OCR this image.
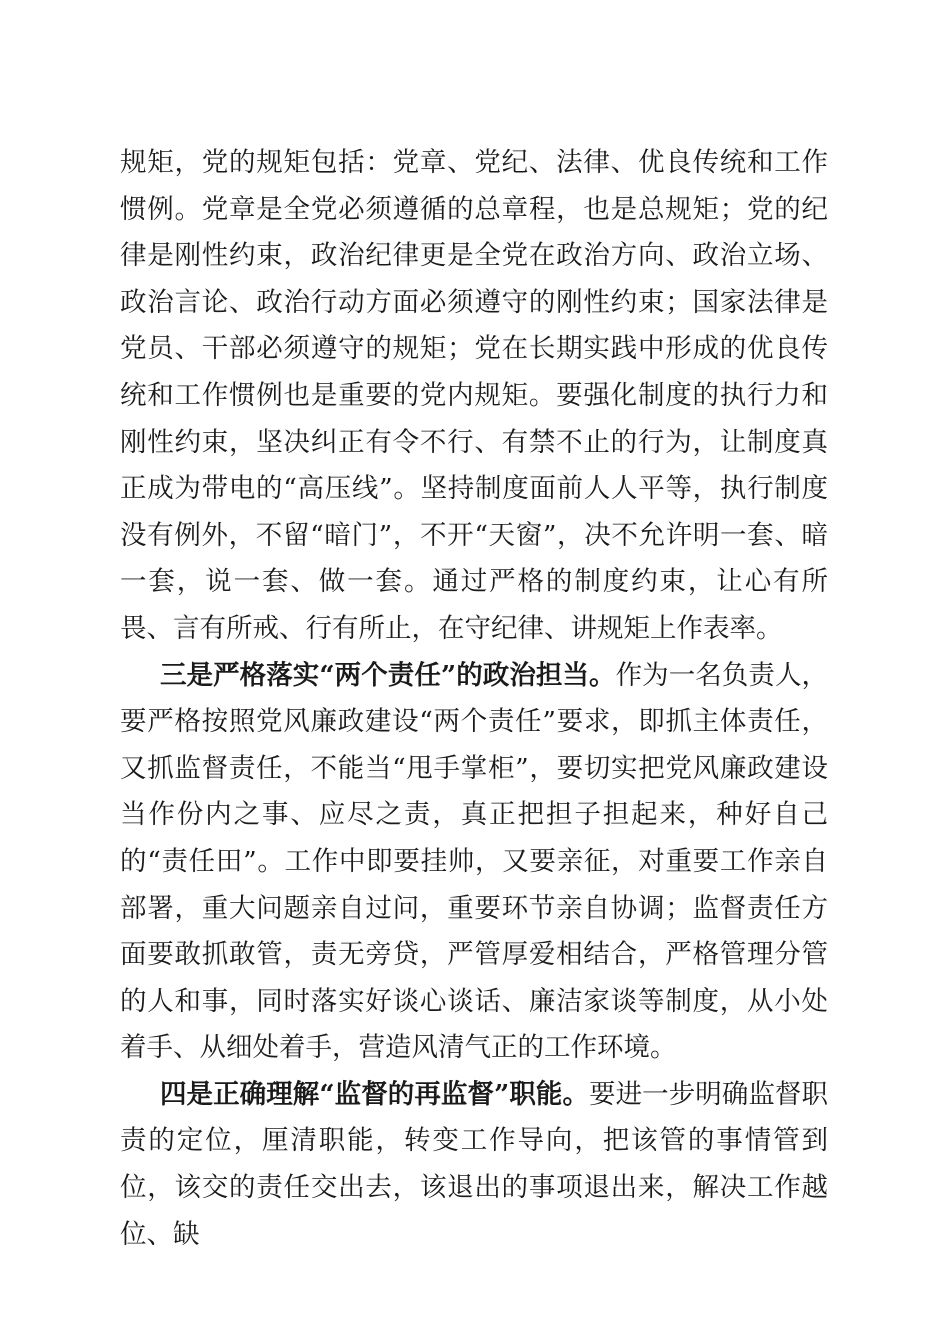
规矩，党的规矩包括：党章、党纪、法律、优良传统和工作惯例。党章是全党必须遵循的总章程，也是总规矩；党的纪律是刚性约束，政治纪律更是全党在政治方向、政治立场、政治言论、政治行动方面必须遵守的刚性约束；国家法律是党员、干部必须遵守的规矩；党在长期实践中形成的优良传统和工作惯例也是重要的党内规矩。要强化制度的执行力和刚性约束，坚决纠正有令不行、有禁不止的行为，让制度真正成为带电的“高压线”。坚持制度面前人人平等，执行制度没有例外，不留“暗门”，不开“天窗”，决不允许明一套、暗一套，说一套、做一套。通过严格的制度约束，让心有所畏、言有所戒、行有所止，在守纪律、讲规矩上作表率。

三是严格落实“两个责任”的政治担当。作为一名负责人，要严格按照党风廉政建设“两个责任”要求，即抓主体责任，又抓监督责任，不能当“甩手掌柜”，要切实把党风廉政建设当作份内之事、应尽之责，真正把担子担起来，种好自己的“责任田”。工作中即要挂帅，又要亲征，对重要工作亲自部署，重大问题亲自过问，重要环节亲自协调；监督责任方面要敢抓敢管，责无旁贷，严管厚爱相结合，严格管理分管的人和事，同时落实好谈心谈话、廉洁家谈等制度，从小处着手、从细处着手，营造风清气正的工作环境。

四是正确理解“监督的再监督”职能。要进一步明确监督职责的定位，厘清职能，转变工作导向，把该管的事情管到位，该交的责任交出去，该退出的事项退出来，解决工作越位、缺
